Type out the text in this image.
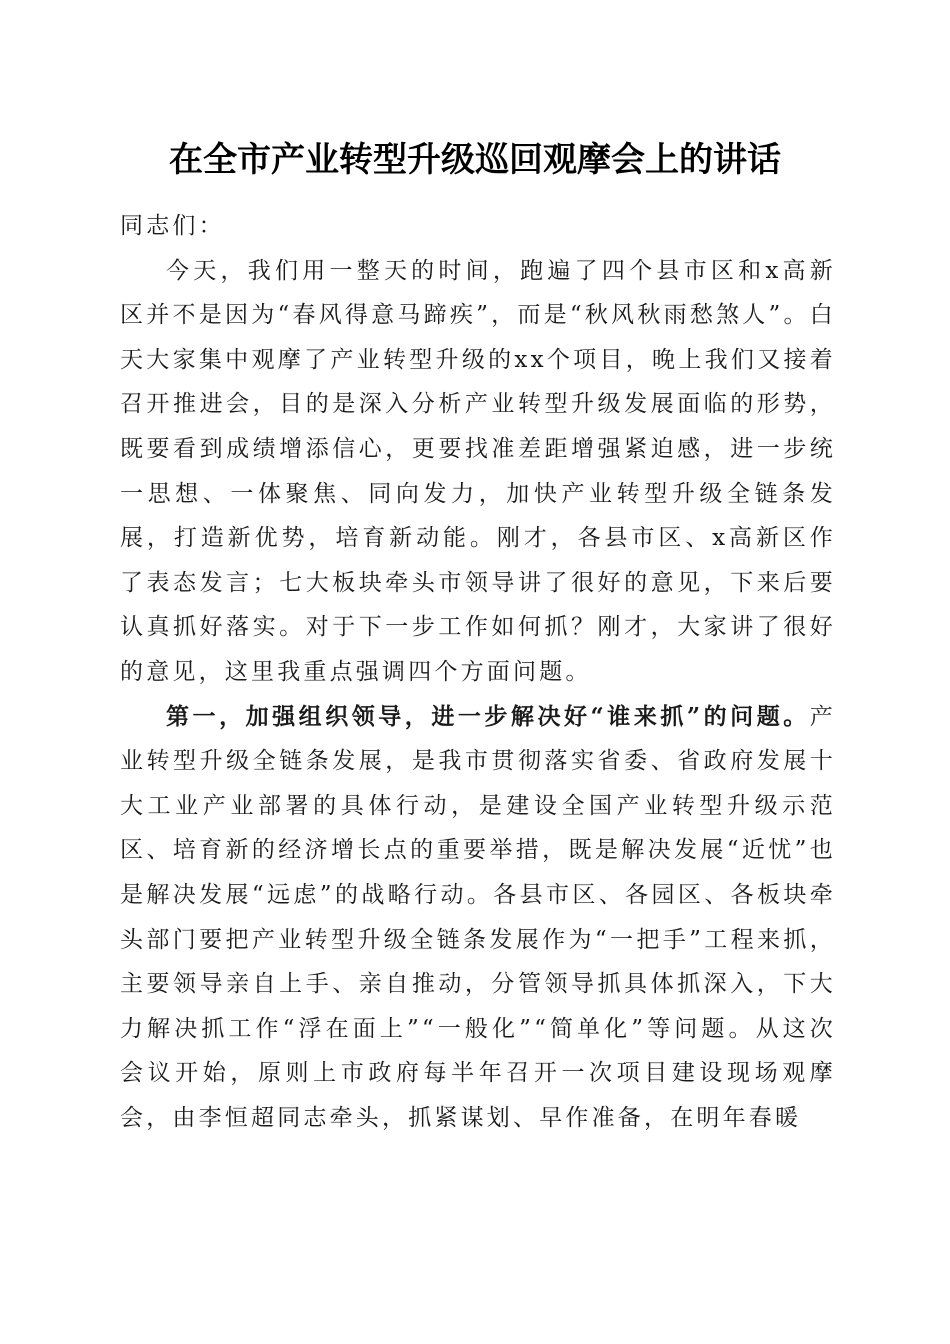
在全市产业转型升级巡回观摩会上的讲话

同志们：

今天，我们用一整天的时间，跑遍了四个县市区和x高新区并不是因为“春风得意马蹄疾”，而是“秋风秋雨愁煞人”。白天大家集中观摩了产业转型升级的xx个项目，晚上我们又接着召开推进会，目的是深入分析产业转型升级发展面临的形势，既要看到成绩增添信心，更要找准差距增强紧迫感，进一步统一思想、一体聚焦、同向发力，加快产业转型升级全链条发展，打造新优势，培育新动能。刚才，各县市区、x高新区作了表态发言；七大板块牵头市领导讲了很好的意见，下来后要认真抓好落实。对于下一步工作如何抓？刚才，大家讲了很好的意见，这里我重点强调四个方面问题。

第一，加强组织领导，进一步解决好“谁来抓”的问题。产业转型升级全链条发展，是我市贯彻落实省委、省政府发展十大工业产业部署的具体行动，是建设全国产业转型升级示范区、培育新的经济增长点的重要举措，既是解决发展“近忧”也是解决发展“远虑”的战略行动。各县市区、各园区、各板块牵头部门要把产业转型升级全链条发展作为“一把手”工程来抓，主要领导亲自上手、亲自推动，分管领导抓具体抓深入，下大力解决抓工作“浮在面上”“一般化”“简单化”等问题。从这次会议开始，原则上市政府每半年召开一次项目建设现场观摩会，由李恒超同志牵头，抓紧谋划、早作准备，在明年春暖
